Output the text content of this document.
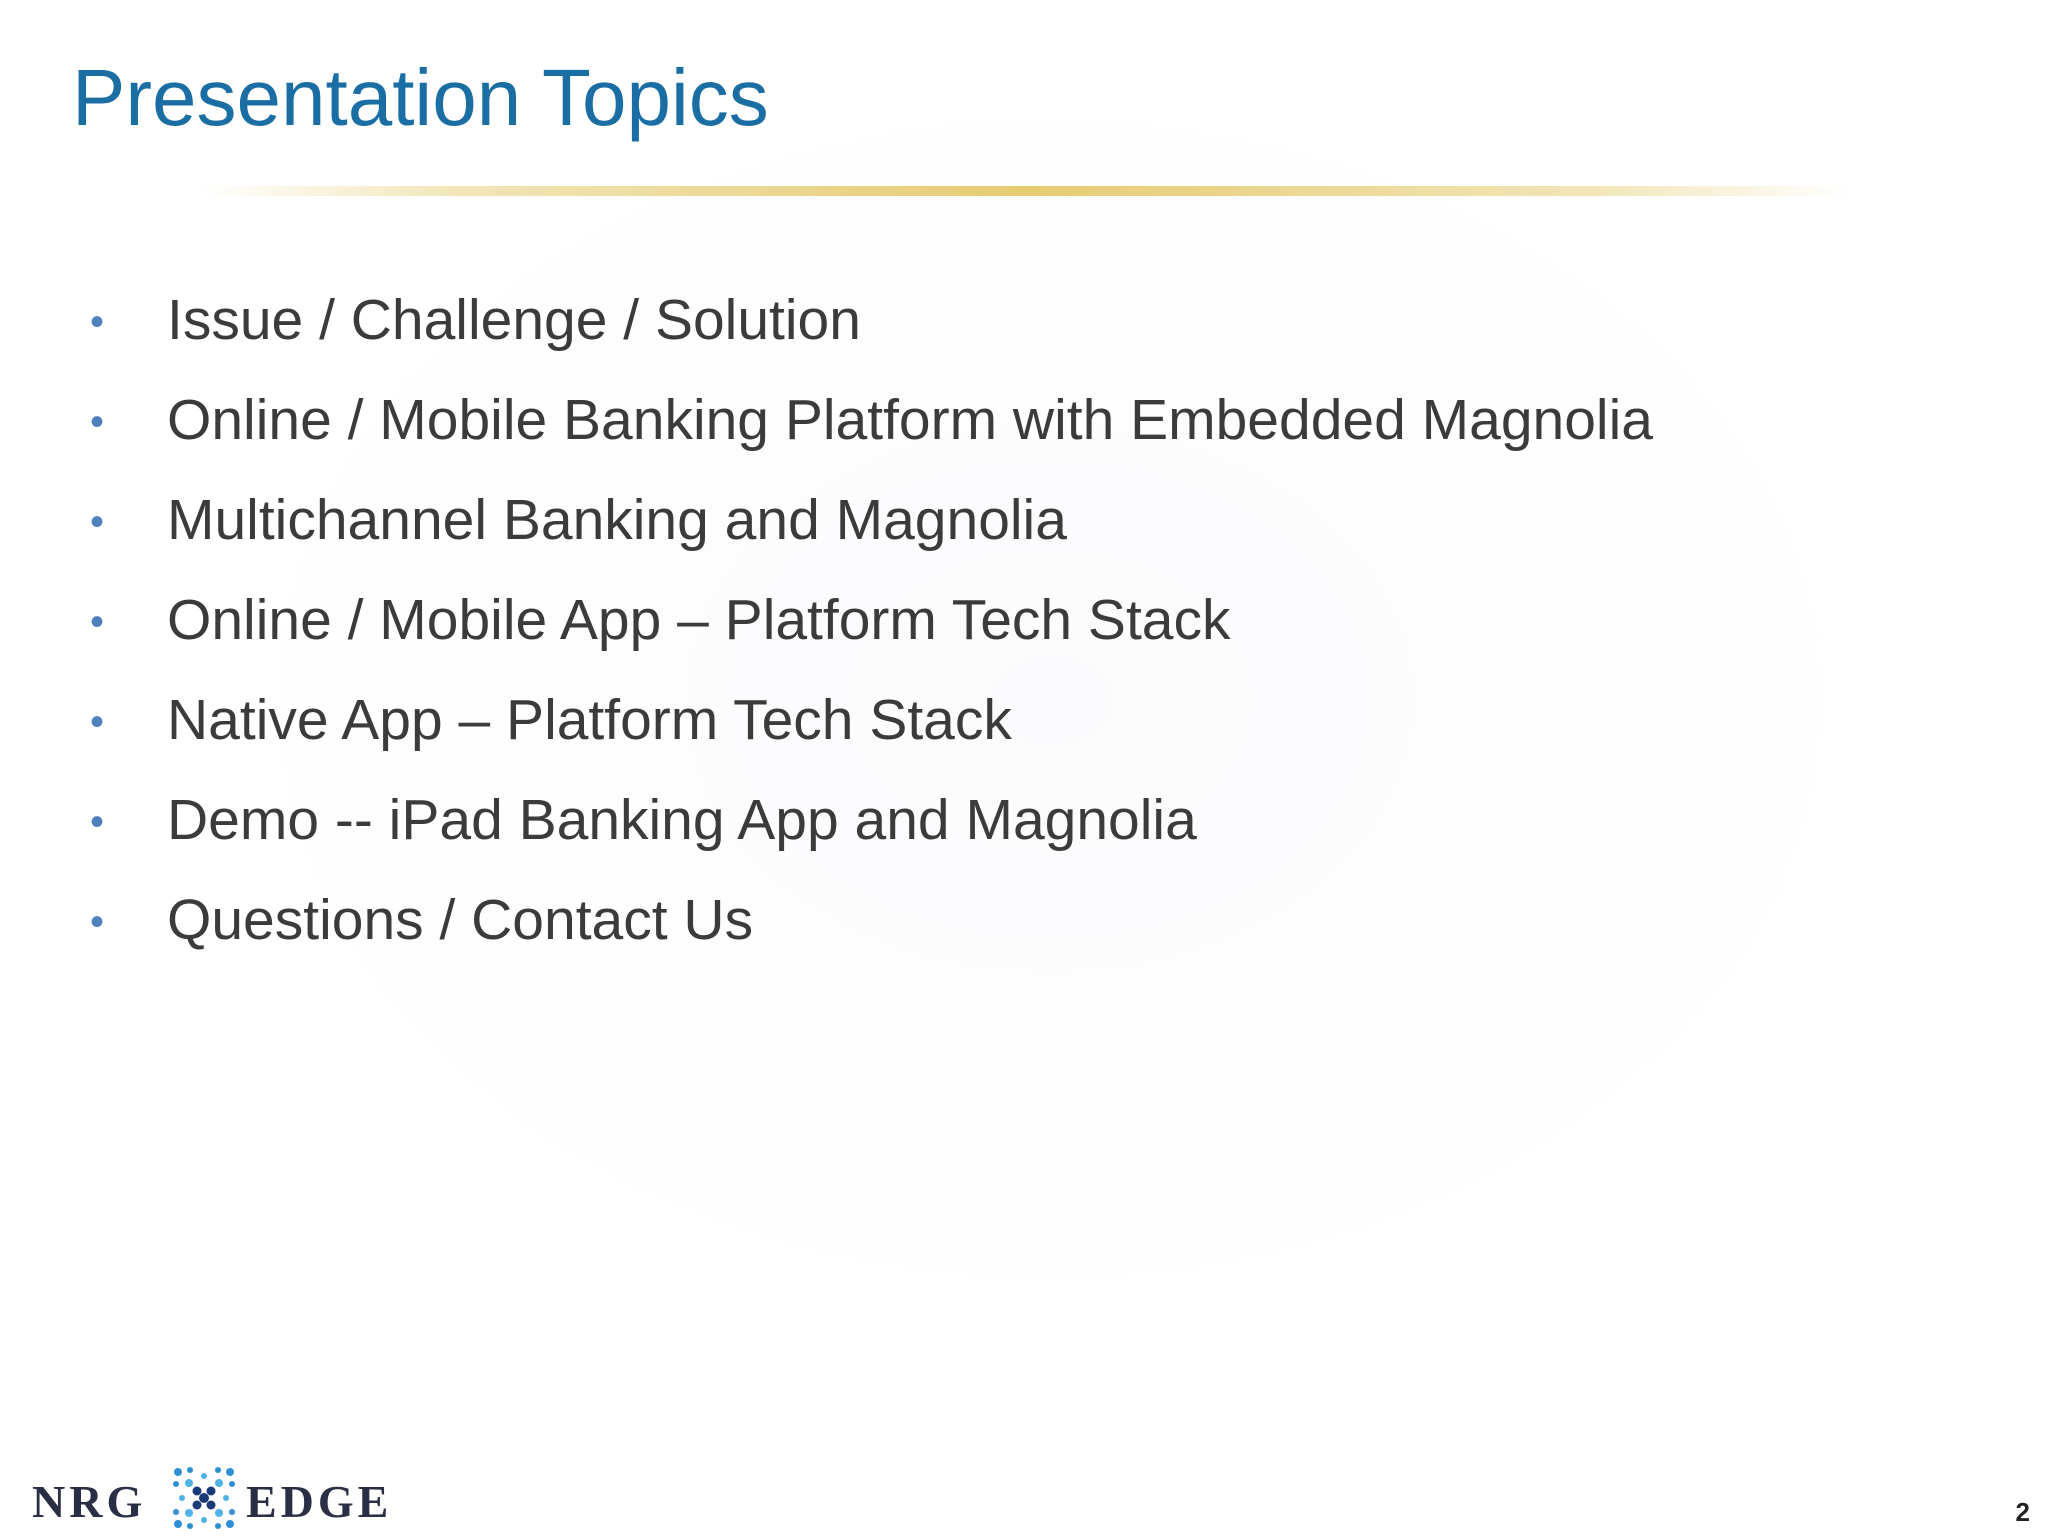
Presentation Topics
• Issue / Challenge / Solution
• Online / Mobile Banking Platform with Embedded Magnolia
• Multichannel Banking and Magnolia
• Online / Mobile App – Platform Tech Stack
• Native App – Platform Tech Stack
• Demo -- iPad Banking App and Magnolia
• Questions / Contact Us
NRG EDGE	2
